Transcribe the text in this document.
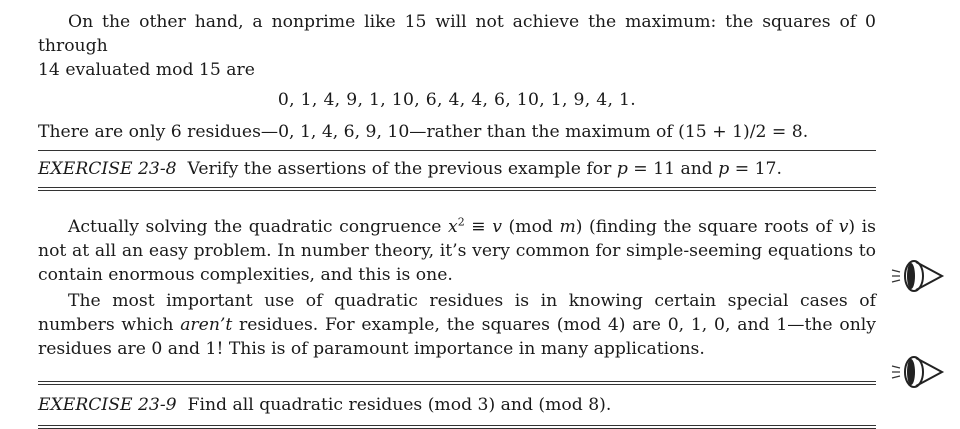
On the other hand, a nonprime like 15 will not achieve the maximum: the squares of 0 through
14 evaluated mod 15 are

0, 1, 4, 9, 1, 10, 6, 4, 4, 6, 10, 1, 9, 4, 1.

There are only 6 residues—0, 1, 4, 6, 9, 10—rather than the maximum of (15 + 1)/2 = 8.

EXERCISE 23-8 Verify the assertions of the previous example for p = 11 and p = 17.

Actually solving the quadratic congruence $x^2 \equiv v$ (mod m) (finding the square roots of v) is not at all an easy problem. In number theory, it’s very common for simple-seeming equations to contain enormous complexities, and this is one.

The most important use of quadratic residues is in knowing certain special cases of numbers which aren’t residues. For example, the squares (mod 4) are 0, 1, 0, and 1—the only residues are 0 and 1! This is of paramount importance in many applications.

EXERCISE 23-9 Find all quadratic residues (mod 3) and (mod 8).
